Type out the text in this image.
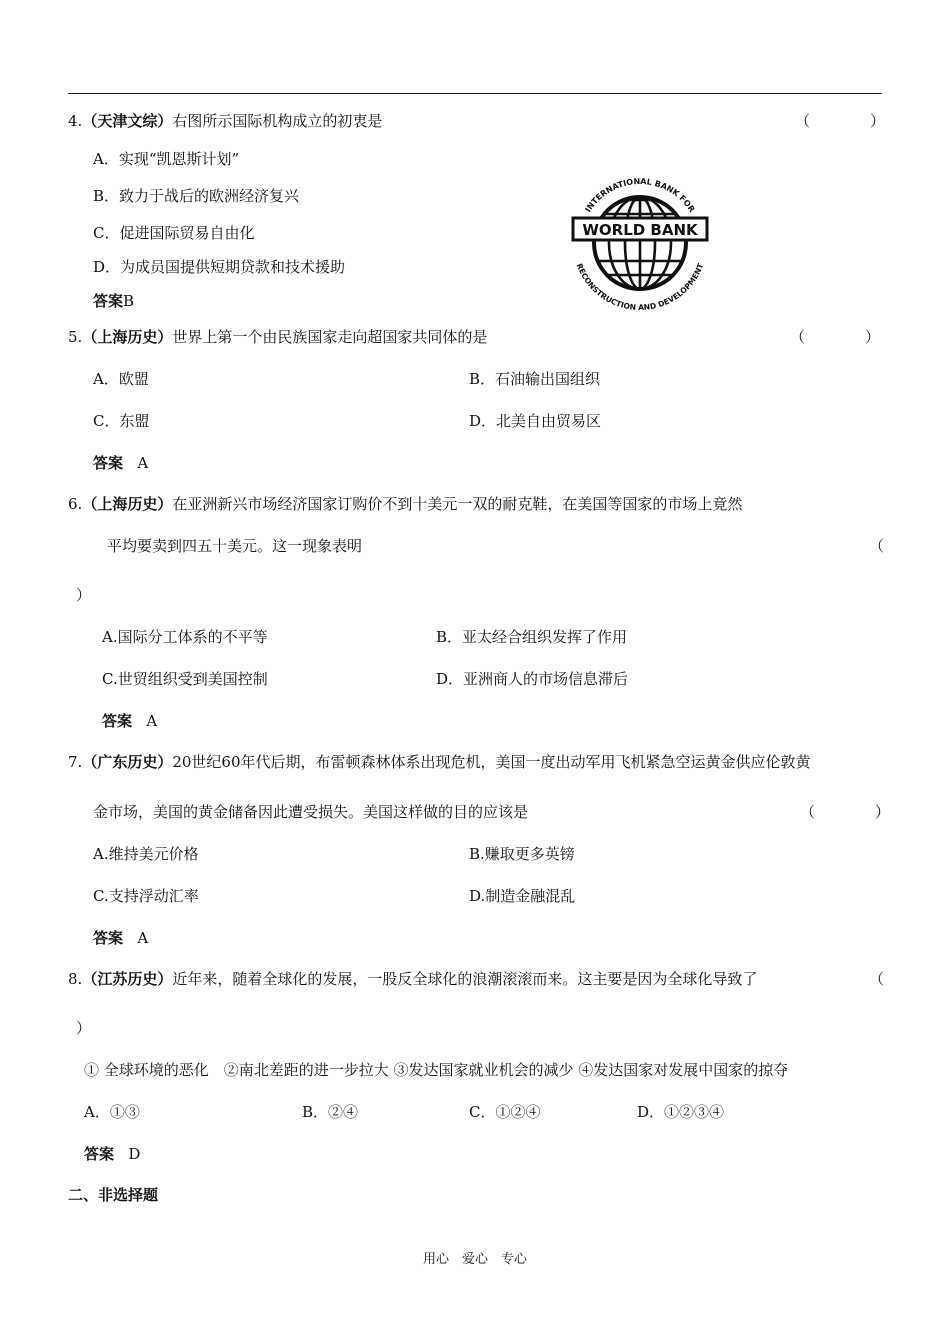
4.（天津文综）右图所示国际机构成立的初衷是	（　　　　）
A．实现“凯恩斯计划”
B．致力于战后的欧洲经济复兴
C．促进国际贸易自由化
D．为成员国提供短期贷款和技术援助
答案B
WORLD BANK
INTERNATIONAL BANK FOR
RECONSTRUCTION AND DEVELOPMENT
5.（上海历史）世界上第一个由民族国家走向超国家共同体的是	（　　　　）
A．欧盟	B．石油输出国组织
C．东盟	D．北美自由贸易区
答案 A
6.（上海历史）在亚洲新兴市场经济国家订购价不到十美元一双的耐克鞋，在美国等国家的市场上竟然
平均要卖到四五十美元。这一现象表明	（
）
A.国际分工体系的不平等	B．亚太经合组织发挥了作用
C.世贸组织受到美国控制	D．亚洲商人的市场信息滞后
答案 A
7.（广东历史）20世纪60年代后期，布雷顿森林体系出现危机，美国一度出动军用飞机紧急空运黄金供应伦敦黄
金市场，美国的黄金储备因此遭受损失。美国这样做的目的应该是	（　　　　）
A.维持美元价格	B.赚取更多英镑
C.支持浮动汇率	D.制造金融混乱
答案 A
8.（江苏历史）近年来，随着全球化的发展，一股反全球化的浪潮滚滚而来。这主要是因为全球化导致了	（
）
① 全球环境的恶化　②南北差距的进一步拉大 ③发达国家就业机会的减少 ④发达国家对发展中国家的掠夺
A．①③	B．②④	C．①②④	D．①②③④
答案 D
二、非选择题
用心　爱心　专心
